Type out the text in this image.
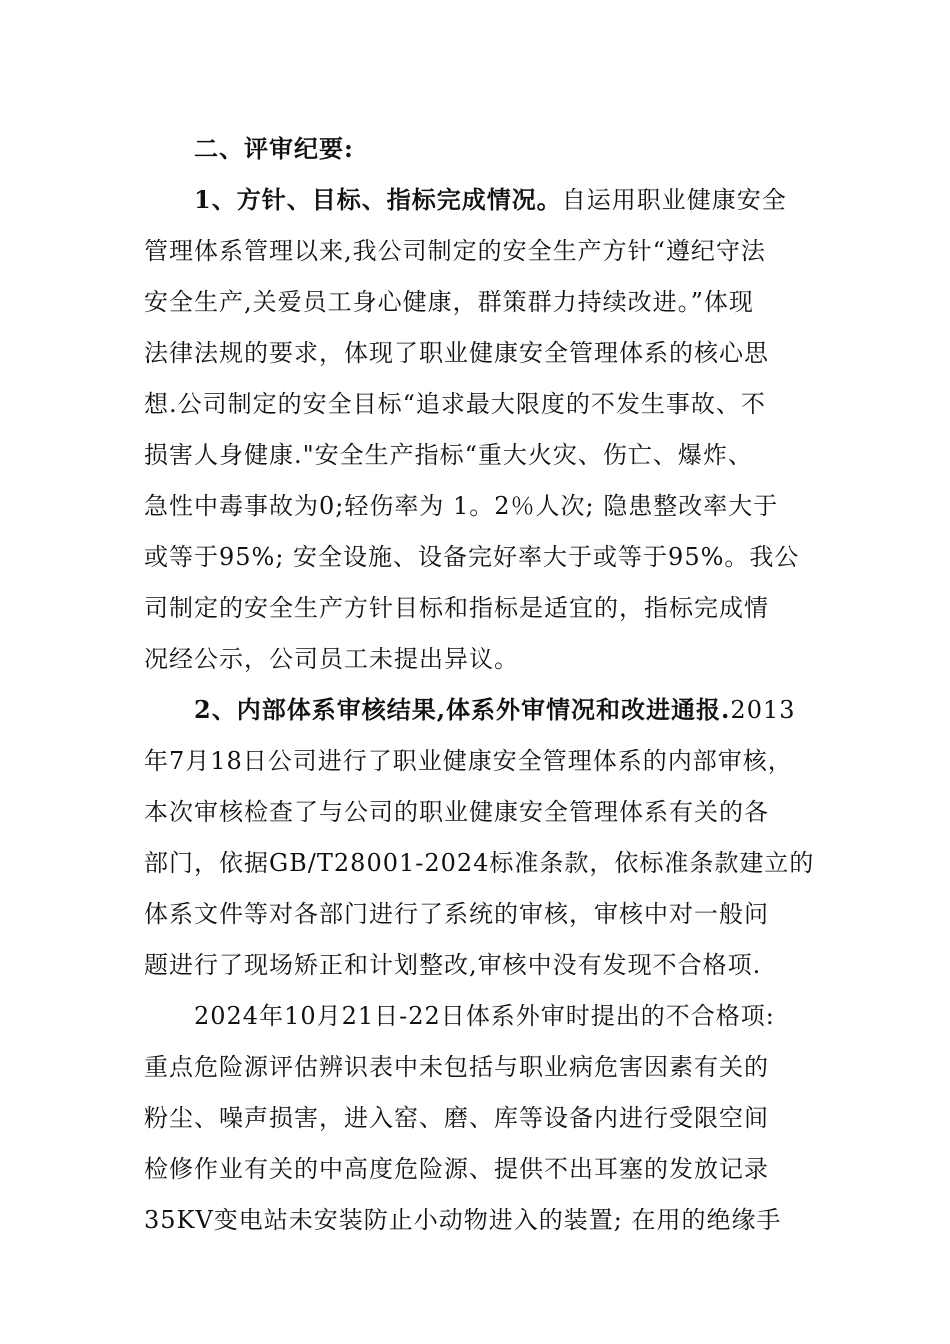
二、评审纪要:
1、方针、目标、指标完成情况。自运用职业健康安全
管理体系管理以来,我公司制定的安全生产方针“遵纪守法
安全生产,关爱员工身心健康，群策群力持续改进。”体现
法律法规的要求，体现了职业健康安全管理体系的核心思
想.公司制定的安全目标“追求最大限度的不发生事故、不
损害人身健康."安全生产指标“重大火灾、伤亡、爆炸、
急性中毒事故为0;轻伤率为 1。2％人次; 隐患整改率大于
或等于95%; 安全设施、设备完好率大于或等于95%。我公
司制定的安全生产方针目标和指标是适宜的，指标完成情
况经公示，公司员工未提出异议。
2、内部体系审核结果,体系外审情况和改进通报.2013
年7月18日公司进行了职业健康安全管理体系的内部审核，
本次审核检查了与公司的职业健康安全管理体系有关的各
部门，依据GB/T28001-2024标准条款，依标准条款建立的
体系文件等对各部门进行了系统的审核，审核中对一般问
题进行了现场矫正和计划整改,审核中没有发现不合格项.
2024年10月21日-22日体系外审时提出的不合格项:
重点危险源评估辨识表中未包括与职业病危害因素有关的
粉尘、噪声损害，进入窑、磨、库等设备内进行受限空间
检修作业有关的中高度危险源、提供不出耳塞的发放记录
35KV变电站未安装防止小动物进入的装置; 在用的绝缘手
